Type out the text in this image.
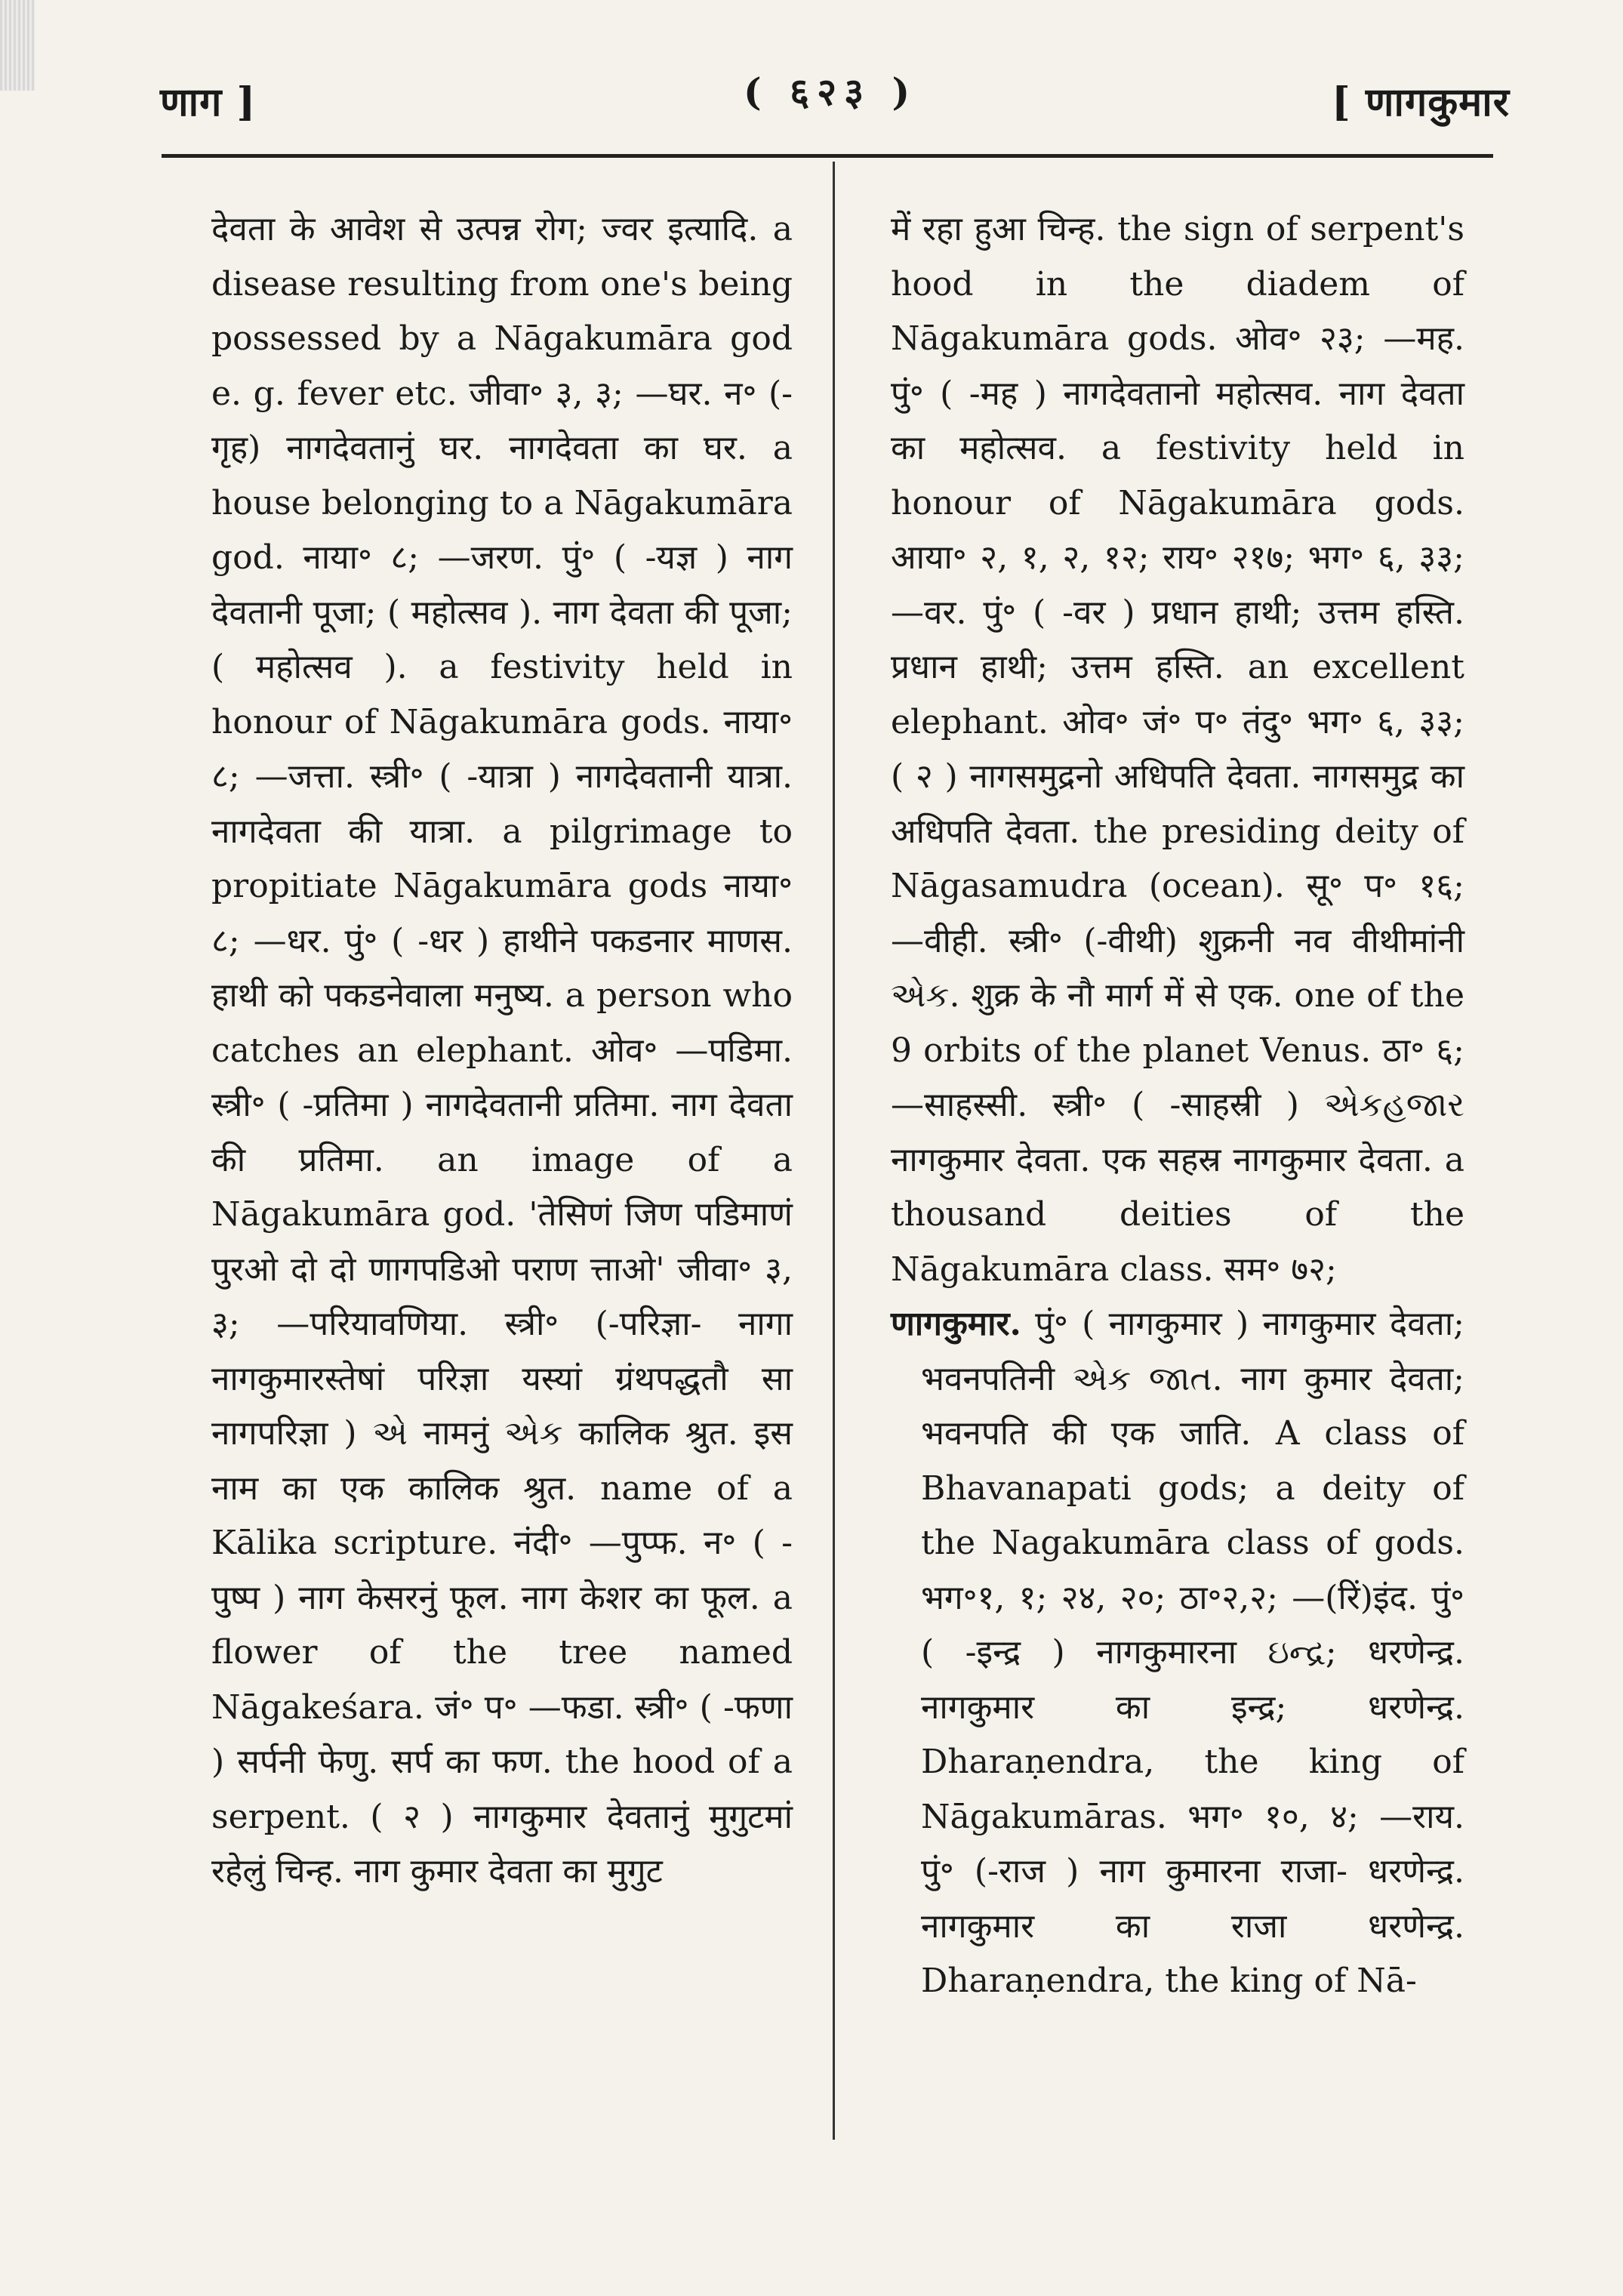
णाग ]	( ६२३ )	[ णागकुमार

देवता के आवेश से उत्पन्न रोग; ज्वर इत्यादि. a disease resulting from one's being possessed by a Nāgakumāra god e. g. fever etc. जीवा॰ ३, ३; —घर. न॰ (-गृह) नागदेवतानुं घर. नागदेवता का घर. a house belonging to a Nāgakumāra god. नाया॰ ८; —जरण. पुं॰ ( -यज्ञ ) नाग देवतानी पूजा; ( महोत्सव ). नाग देवता की पूजा; ( महोत्सव ). a festivity held in honour of Nāgakumāra gods. नाया॰ ८; —जत्ता. स्त्री॰ ( -यात्रा ) नागदेवतानी यात्रा. नागदेवता की यात्रा. a pilgrimage to propitiate Nāgakumāra gods नाया॰ ८; —धर. पुं॰ ( -धर ) हाथीने पकडनार माणस. हाथी को पकडनेवाला मनुष्य. a person who catches an elephant. ओव॰ —पडिमा. स्त्री॰ ( -प्रतिमा ) नागदेवतानी प्रतिमा. नाग देवता की प्रतिमा. an image of a Nāgakumāra god. 'तेसिणं जिण पडिमाणं पुरओ दो दो णागपडिओ पराण त्ताओ' जीवा॰ ३, ३; —परियावणिया. स्त्री॰ (-परिज्ञा- नागा नागकुमारस्तेषां परिज्ञा यस्यां ग्रंथपद्धतौ सा नागपरिज्ञा ) એ नामनुं એક कालिक श्रुत. इस नाम का एक कालिक श्रुत. name of a Kālika scripture. नंदी॰ —पुप्फ. न॰ ( -पुष्प ) नाग केसरनुं फूल. नाग केशर का फूल. a flower of the tree named Nāgakeśara. जं॰ प॰ —फडा. स्त्री॰ ( -फणा ) सर्पनी फेणु. सर्प का फण. the hood of a serpent. ( २ ) नागकुमार देवतानुं मुगुटमां रहेलुं चिन्ह. नाग कुमार देवता का मुगुट

में रहा हुआ चिन्ह. the sign of serpent's hood in the diadem of Nāgakumāra gods. ओव॰ २३; —मह. पुं॰ ( -मह ) नागदेवतानो महोत्सव. नाग देवता का महोत्सव. a festivity held in honour of Nāgakumāra gods. आया॰ २, १, २, १२; राय॰ २१७; भग॰ ६, ३३; —वर. पुं॰ ( -वर ) प्रधान हाथी; उत्तम हस्ति. प्रधान हाथी; उत्तम हस्ति. an excellent elephant. ओव॰ जं॰ प॰ तंदु॰ भग॰ ६, ३३; ( २ ) नागसमुद्रनो अधिपति देवता. नागसमुद्र का अधिपति देवता. the presiding deity of Nāgasamudra (ocean). सू॰ प॰ १६; —वीही. स्त्री॰ (-वीथी) शुक्रनी नव वीथीमांनी એક. शुक्र के नौ मार्ग में से एक. one of the 9 orbits of the planet Venus. ठा॰ ६; —साहस्सी. स्त्री॰ ( -साहस्री ) એકહજાર नागकुमार देवता. एक सहस्र नागकुमार देवता. a thousand deities of the Nāgakumāra class. सम॰ ७२;

णागकुमार. पुं॰ ( नागकुमार ) नागकुमार देवता; भवनपतिनी એક જાત. नाग कुमार देवता; भवनपति की एक जाति. A class of Bhavanapati gods; a deity of the Nagakumāra class of gods. भग॰१, १; २४, २०; ठा॰२,२; —(रिं)इंद. पुं॰ ( -इन्द्र ) नागकुमारना ઇન્દ્ર; धरणेन्द्र. नागकुमार का इन्द्र; धरणेन्द्र. Dharaṇendra, the king of Nāgakumāras. भग॰ १०, ४; —राय. पुं॰ (-राज ) नाग कुमारना राजा- धरणेन्द्र. नागकुमार का राजा धरणेन्द्र. Dharaṇendra, the king of Nā-
